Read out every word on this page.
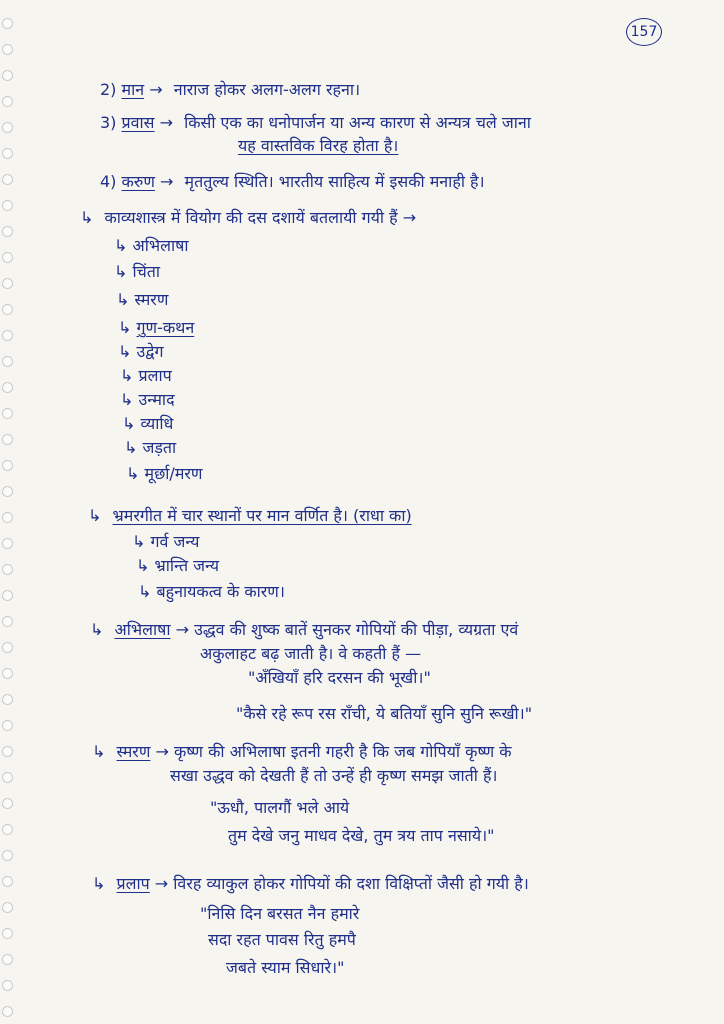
157
2) मान → नाराज होकर अलग-अलग रहना।
3) प्रवास → किसी एक का धनोपार्जन या अन्य कारण से अन्यत्र चले जाना
यह वास्तविक विरह होता है।
4) करुण → मृततुल्य स्थिति। भारतीय साहित्य में इसकी मनाही है।
↳ काव्यशास्त्र में वियोग की दस दशायें बतलायी गयी हैं →
↳ अभिलाषा
↳ चिंता
↳ स्मरण
↳ गुण-कथन
↳ उद्वेग
↳ प्रलाप
↳ उन्माद
↳ व्याधि
↳ जड़ता
↳ मूर्छा/मरण
↳ भ्रमरगीत में चार स्थानों पर मान वर्णित है। (राधा का)
↳ गर्व जन्य
↳ भ्रान्ति जन्य
↳ बहुनायकत्व के कारण।
↳ अभिलाषा → उद्धव की शुष्क बातें सुनकर गोपियों की पीड़ा, व्यग्रता एवं
अकुलाहट बढ़ जाती है। वे कहती हैं —
"अँखियाँ हरि दरसन की भूखी।"
"कैसे रहे रूप रस राँची, ये बतियाँ सुनि सुनि रूखी।"
↳ स्मरण → कृष्ण की अभिलाषा इतनी गहरी है कि जब गोपियाँ कृष्ण के
सखा उद्धव को देखती हैं तो उन्हें ही कृष्ण समझ जाती हैं।
"ऊधौ, पालगौं भले आये
तुम देखे जनु माधव देखे, तुम त्रय ताप नसाये।"
↳ प्रलाप → विरह व्याकुल होकर गोपियों की दशा विक्षिप्तों जैसी हो गयी है।
"निसि दिन बरसत नैन हमारे
सदा रहत पावस रितु हमपै
जबते स्याम सिधारे।"
